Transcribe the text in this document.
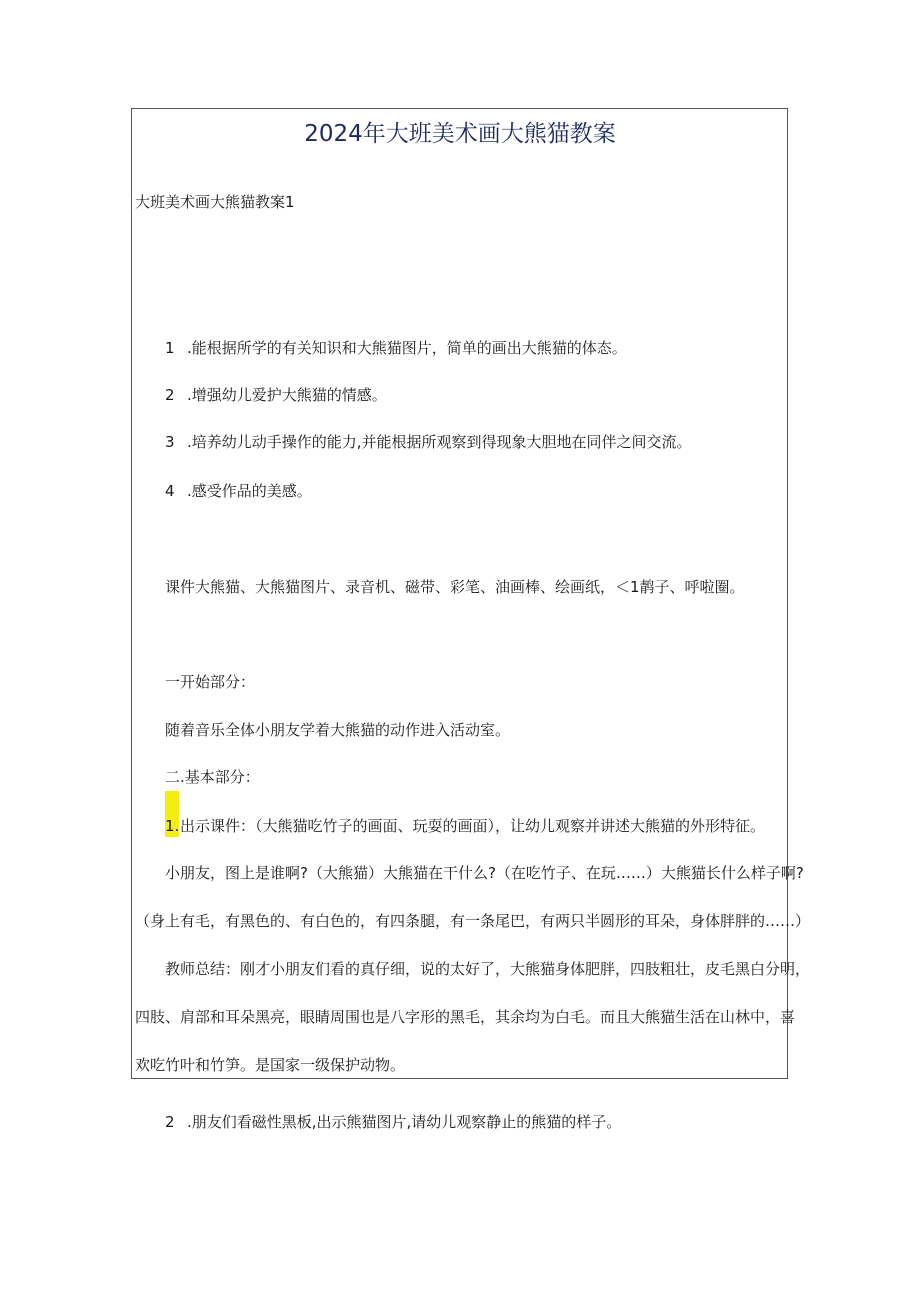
2024年大班美术画大熊猫教案
大班美术画大熊猫教案1
1 .能根据所学的有关知识和大熊猫图片，简单的画出大熊猫的体态。
2 .增强幼儿爱护大熊猫的情感。
3 .培养幼儿动手操作的能力,并能根据所观察到得现象大胆地在同伴之间交流。
4 .感受作品的美感。
课件大熊猫、大熊猫图片、录音机、磁带、彩笔、油画棒、绘画纸，＜1䴖子、呼啦圈。
一开始部分：
随着音乐全体小朋友学着大熊猫的动作进入活动室。
二.基本部分：
1. 出示课件：（大熊猫吃竹子的画面、玩耍的画面），让幼儿观察并讲述大熊猫的外形特征。
小朋友，图上是谁啊?（大熊猫）大熊猫在干什么?（在吃竹子、在玩……）大熊猫长什么样子啊?
（身上有毛，有黑色的、有白色的，有四条腿，有一条尾巴，有两只半圆形的耳朵，身体胖胖的……）
教师总结：刚才小朋友们看的真仔细，说的太好了，大熊猫身体肥胖，四肢粗壮，皮毛黑白分明，
四肢、肩部和耳朵黑亮，眼睛周围也是八字形的黑毛，其余均为白毛。而且大熊猫生活在山林中，喜
欢吃竹叶和竹笋。是国家一级保护动物。
2 .朋友们看磁性黑板,出示熊猫图片,请幼儿观察静止的熊猫的样子。
